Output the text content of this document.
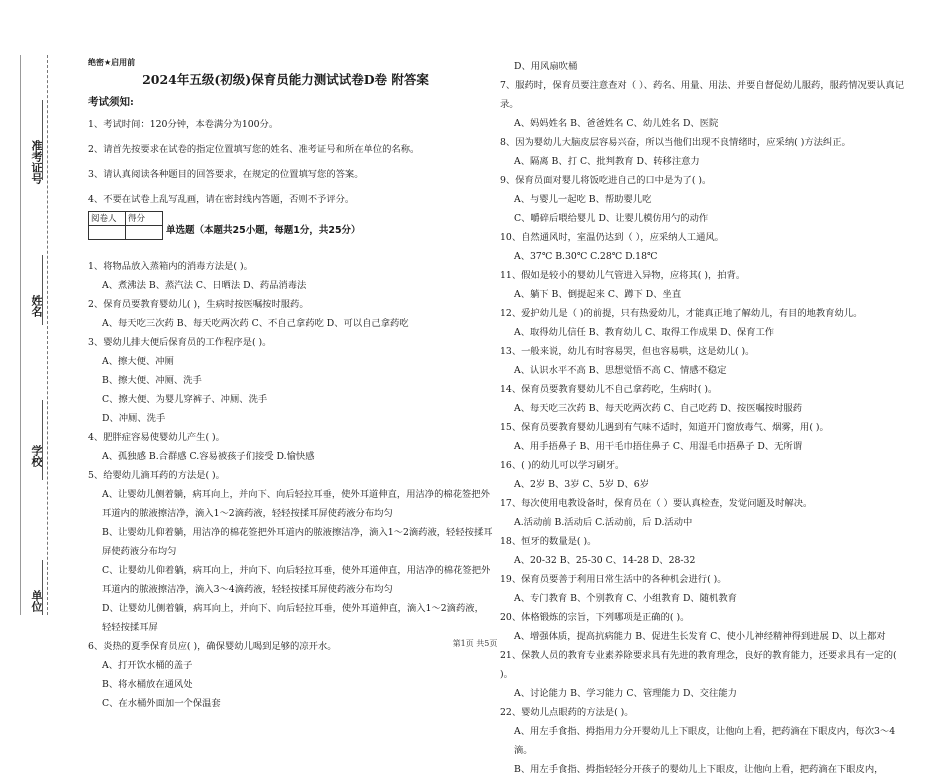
准考证号
姓名
学校
单位
绝密★启用前
2024年五级(初级)保育员能力测试试卷D卷 附答案
考试须知:
1、考试时间：120分钟，本卷满分为100分。
2、请首先按要求在试卷的指定位置填写您的姓名、准考证号和所在单位的名称。
3、请认真阅读各种题目的回答要求，在规定的位置填写您的答案。
4、不要在试卷上乱写乱画，请在密封线内答题，否则不予评分。
阅卷人	得分

单选题（本题共25小题，每题1分，共25分）
1、将物品放入蒸箱内的消毒方法是( )。
A、煮沸法 B、蒸汽法 C、日晒法 D、药品消毒法
2、保育员要教育婴幼儿( )，生病时按医嘱按时服药。
A、每天吃三次药 B、每天吃两次药 C、不自己拿药吃 D、可以自己拿药吃
3、婴幼儿排大便后保育员的工作程序是( )。
A、擦大便、冲厕
B、擦大便、冲厕、洗手
C、擦大便、为婴儿穿裤子、冲厕、洗手
D、冲厕、洗手
4、肥胖症容易使婴幼儿产生( )。
A、孤独感 B.合群感 C.容易被孩子们接受 D.愉快感
5、给婴幼儿滴耳药的方法是( )。
A、让婴幼儿侧着躺，病耳向上，并向下、向后轻拉耳垂，使外耳道伸直，用洁净的棉花签把外耳道内的脓液擦洁净，滴入1～2滴药液，轻轻按揉耳屏使药液分布均匀
B、让婴幼儿仰着躺，用洁净的棉花签把外耳道内的脓液擦洁净，滴入1～2滴药液，轻轻按揉耳屏使药液分布均匀
C、让婴幼儿仰着躺，病耳向上，并向下、向后轻拉耳垂，使外耳道伸直，用洁净的棉花签把外耳道内的脓液擦洁净，滴入3～4滴药液，轻轻按揉耳屏使药液分布均匀
D、让婴幼儿侧着躺，病耳向上，并向下、向后轻拉耳垂，使外耳道伸直，滴入1～2滴药液，轻轻按揉耳屏
6、炎热的夏季保育员应( )，确保婴幼儿喝到足够的凉开水。
A、打开饮水桶的盖子
B、将水桶放在通风处
C、在水桶外面加一个保温套
D、用风扇吹桶
7、服药时，保育员要注意查对（ ）、药名、用量、用法、并要自督促幼儿服药，服药情况要认真记录。
A、妈妈姓名 B、爸爸姓名 C、幼儿姓名 D、医院
8、因为婴幼儿大脑皮层容易兴奋，所以当他们出现不良情绪时，应采纳( )方法纠正。
A、隔离 B、打 C、批判教育 D、转移注意力
9、保育员面对婴儿将饭吃进自己的口中是为了( )。
A、与婴儿一起吃 B、帮助婴儿吃
C、嚼碎后喂给婴儿 D、让婴儿模仿用勺的动作
10、自然通风时，室温仍达到（ ），应采纳人工通风。
A、37℃ B.30℃ C.28℃ D.18℃
11、假如是较小的婴幼儿气管进入异物，应将其( )，拍背。
A、躺下 B、倒提起来 C、蹲下 D、坐直
12、爱护幼儿是（ )的前提，只有热爱幼儿，才能真正地了解幼儿，有目的地教育幼儿。
A、取得幼儿信任 B、教育幼儿 C、取得工作成果 D、保育工作
13、一般来说，幼儿有时容易哭，但也容易哄，这是幼儿( )。
A、认识水平不高 B、思想觉悟不高 C、情感不稳定
14、保育员要教育婴幼儿不自己拿药吃，生病时( )。
A、每天吃三次药 B、每天吃两次药 C、自己吃药 D、按医嘱按时服药
15、保育员要教育婴幼儿遇到有气味不适时，知道开门窗放毒气、烟雾，用( )。
A、用手捂鼻子 B、用干毛巾捂住鼻子 C、用湿毛巾捂鼻子 D、无所谓
16、( )的幼儿可以学习刷牙。
A、2岁 B、3岁 C、5岁 D、6岁
17、每次使用电教设备时，保育员在（ ）要认真检查，发觉问题及时解决。
A.活动前 B.活动后 C.活动前，后 D.活动中
18、恒牙的数量是( )。
A、20-32 B、25-30 C、14-28 D、28-32
19、保育员要善于利用日常生活中的各种机会进行( )。
A、专门教育 B、个别教育 C、小组教育 D、随机教育
20、体格锻炼的宗旨，下列哪项是正确的( )。
A、增强体质，提高抗病能力 B、促进生长发育 C、使小儿神经精神得到进展 D、以上都对
21、保教人员的教育专业素养除要求具有先进的教育理念，良好的教育能力，还要求具有一定的( )。
A、讨论能力 B、学习能力 C、管理能力 D、交往能力
22、婴幼儿点眼药的方法是( )。
A、用左手食指、拇指用力分开婴幼儿上下眼皮，让他向上看，把药滴在下眼皮内，每次3～4滴。
B、用左手食指、拇指轻轻分开孩子的婴幼儿上下眼皮，让他向上看，把药滴在下眼皮内，
第1页 共5页
